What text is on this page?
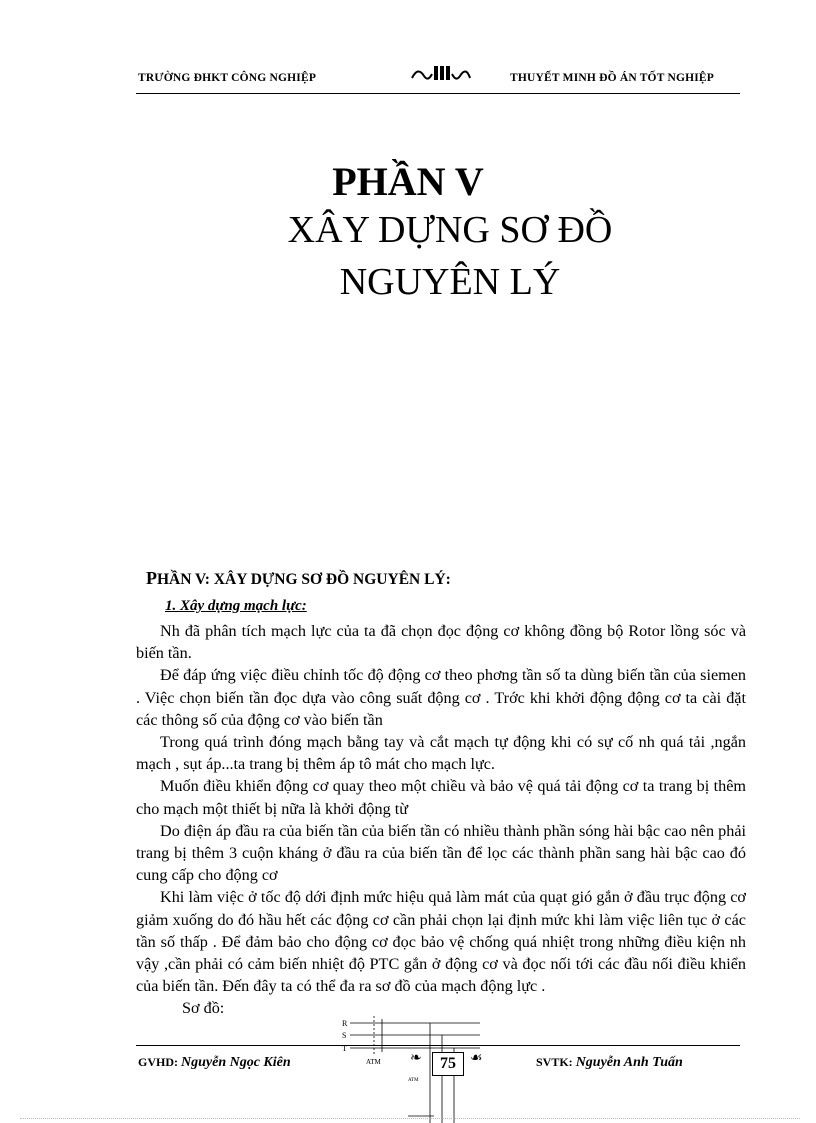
TRƯỜNG ĐHKT CÔNG NGHIỆP	THUYẾT MINH ĐỒ ÁN TỐT NGHIỆP
PHẦN V
XÂY DỰNG SƠ ĐỒ
NGUYÊN LÝ
PHẦN V: XÂY DỰNG SƠ ĐỒ NGUYÊN LÝ:
1. Xây dựng mạch lực:

Nh đã phân tích mạch lực của ta đã chọn đọc động cơ không đồng bộ Rotor lồng sóc và biến tần.

Để đáp ứng việc điều chỉnh tốc độ động cơ theo phơng tần số ta dùng biến tần của siemen . Việc chọn biến tần đọc dựa vào công suất động cơ . Trớc khi khởi động động cơ ta cài đặt các thông số của động cơ vào biến tần

Trong quá trình đóng mạch bằng tay và cắt mạch tự động khi có sự cố nh quá tải ,ngắn mạch , sụt áp...ta trang bị thêm áp tô mát cho mạch lực.

Muốn điều khiển động cơ quay theo một chiều và bảo vệ quá tải động cơ ta trang bị thêm cho mạch một thiết bị nữa là khởi động từ

Do điện áp đầu ra của biến tần của biến tần có nhiều thành phần sóng hài bậc cao nên phải trang bị thêm 3 cuộn kháng ở đầu ra của biến tần để lọc các thành phần sang hài bậc cao đó cung cấp cho động cơ

Khi làm việc ở tốc độ dới định mức hiệu quả làm mát của quạt gió gắn ở đầu trục động cơ giảm xuống do đó hầu hết các động cơ cần phải chọn lại định mức khi làm việc liên tục ở các tần số thấp . Để đảm bảo cho động cơ đọc bảo vệ chống quá nhiệt trong những điều kiện nh vậy ,cần phải có cảm biến nhiệt độ PTC gắn ở động cơ và đọc nối tới các đầu nối điều khiển của biến tần. Đến đây ta có thể đa ra sơ đồ của mạch động lực .

Sơ đồ:

R
S
T
ATM
ATM
GVHD: Nguyễn Ngọc Kiên	❧	75	☙	SVTK: Nguyễn Anh Tuấn
